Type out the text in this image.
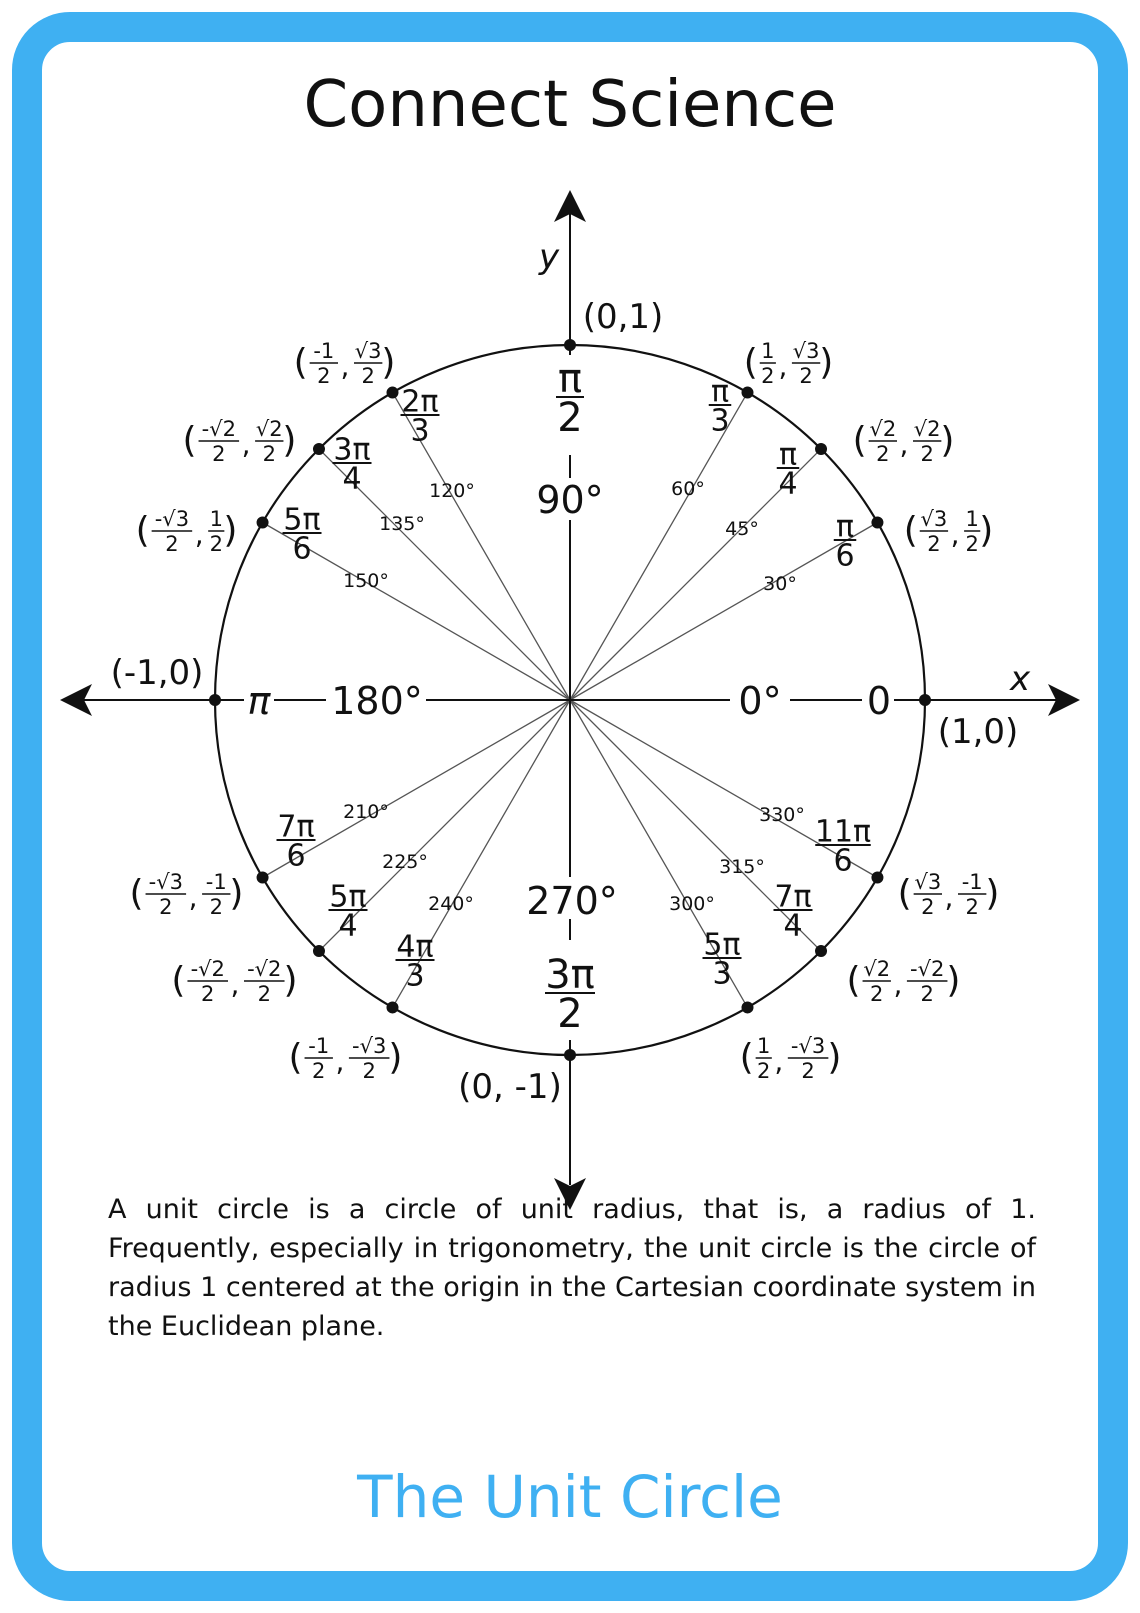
Connect Science
x
y
30°
π
6
( √3
2 , 1
2 )
45°
π
4
( √2
2 , √2
2 )
60°
π
3
( 1
2 , √3
2 )
120°
2π
3
( -1
2 , √3
2 )
135°
3π
4
( -√2
2 , √2
2 )
150°
5π
6
( -√3
2 , 1
2 )
210°
7π
6
( -√3
2 , -1
2 )
225°
5π
4
( -√2
2 , -√2
2 )
240°
4π
3
( -1
2 , -√3
2 )
300°
5π
3
( 1
2 , -√3
2 )
315°
7π
4
( √2
2 , -√2
2 )
330° 11π
6
( √3
2 , -1
2 )
0° 0
(1,0)
π
2
90°
(0,1)
π 180°
(-1,0)
270°
3π
2
(0, -1)

A unit circle is a circle of unit radius, that is, a radius of 1. Frequently, especially in trigonometry, the unit circle is the circle of radius 1 centered at the origin in the Cartesian coordinate system in the Euclidean plane.

The Unit Circle
